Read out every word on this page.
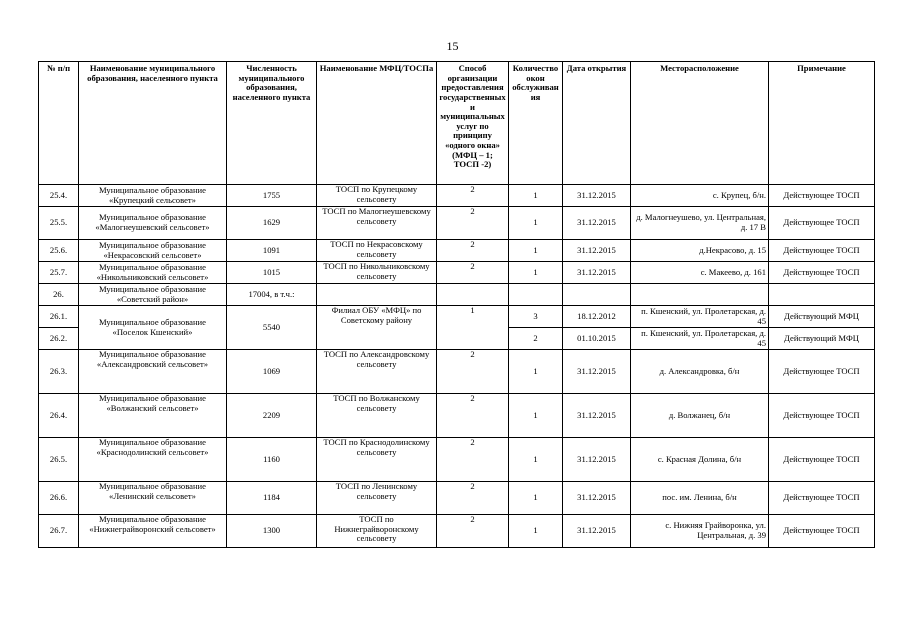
15
№ п/п	Наименование муниципального образования, населенного пункта	Численность муниципального образования, населенного пункта	Наименование МФЦ/ТОСПа	Способ организации предоставления государственных и муниципальных услуг по принципу «одного окна» (МФЦ – 1; ТОСП -2)	Количество окон обслуживания	Дата открытия	Месторасположение	Примечание
25.4.	Муниципальное образование «Крупецкий сельсовет»	1755	ТОСП по Крупецкому сельсовету	2	1	31.12.2015	с. Крупец, б/н.	Действующее ТОСП
25.5.	Муниципальное образование «Малогнеушевский сельсовет»	1629	ТОСП по Малогнеушевскому сельсовету	2	1	31.12.2015	д. Малогнеушево, ул. Центральная, д. 17 В	Действующее ТОСП
25.6.	Муниципальное образование «Некрасовский сельсовет»	1091	ТОСП по Некрасовскому сельсовету	2	1	31.12.2015	д.Некрасово, д. 15	Действующее ТОСП
25.7.	Муниципальное образование «Никольниковский сельсовет»	1015	ТОСП по Никольниковскому сельсовету	2	1	31.12.2015	с. Макеево, д. 161	Действующее ТОСП
26.	Муниципальное образование «Советский район»	17004, в т.ч.:						
26.1.	Муниципальное образование «Поселок Кшенский»	5540	Филиал ОБУ «МФЦ» по Советскому району	1	3	18.12.2012	п. Кшенский, ул. Пролетарская, д. 45	Действующий МФЦ
26.2.					2	01.10.2015	п. Кшенский, ул. Пролетарская, д. 45	Действующий МФЦ
26.3.	Муниципальное образование «Александровский сельсовет»	1069	ТОСП по Александровскому сельсовету	2	1	31.12.2015	д. Александровка, б/н	Действующее ТОСП
26.4.	Муниципальное образование «Волжанский сельсовет»	2209	ТОСП по Волжанскому сельсовету	2	1	31.12.2015	д. Волжанец, б/н	Действующее ТОСП
26.5.	Муниципальное образование «Краснодолинский сельсовет»	1160	ТОСП по Краснодолинскому сельсовету	2	1	31.12.2015	с. Красная Долина, б/н	Действующее ТОСП
26.6.	Муниципальное образование «Ленинский сельсовет»	1184	ТОСП по Ленинскому сельсовету	2	1	31.12.2015	пос. им. Ленина, б/н	Действующее ТОСП
26.7.	Муниципальное образование «Нижнеграйворонский сельсовет»	1300	ТОСП по Нижнеграйворонскому сельсовету	2	1	31.12.2015	с. Нижняя Грайворонка, ул. Центральная, д. 39	Действующее ТОСП
